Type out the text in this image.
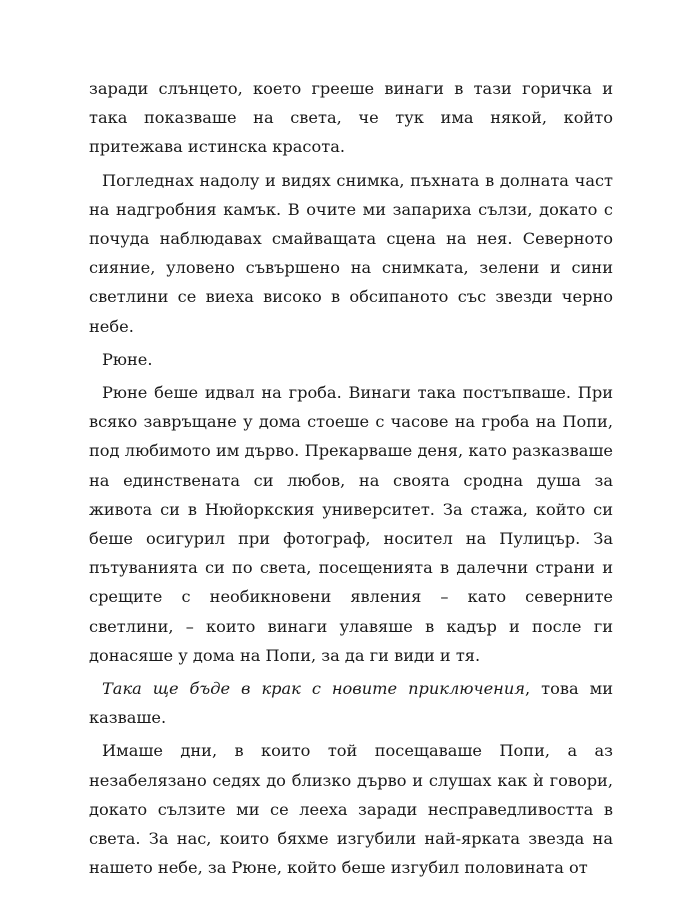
заради слънцето, което грееше винаги в тази горичка и така показваше на света, че тук има някой, който притежава истинска красота.

Погледнах надолу и видях снимка, пъхната в долната част на надгробния камък. В очите ми запариха сълзи, докато с почуда наблюдавах смайващата сцена на нея. Северното сияние, уловено съвършено на снимката, зелени и сини светлини се виеха високо в обсипаното със звезди черно небе.

Рюне.

Рюне беше идвал на гроба. Винаги така постъпваше. При всяко завръщане у дома стоеше с часове на гроба на Попи, под любимото им дърво. Прекарваше деня, като разказваше на единствената си любов, на своята сродна душа за живота си в Нюйоркския университет. За стажа, който си беше осигурил при фотограф, носител на Пулицър. За пътуванията си по света, посещенията в далечни страни и срещите с необикновени явления – като северните светлини, – които винаги улавяше в кадър и после ги донасяше у дома на Попи, за да ги види и тя.

Така ще бъде в крак с новите приключения, това ми казваше.

Имаше дни, в които той посещаваше Попи, а аз незабелязано седях до близко дърво и слушах как ѝ говори, докато сълзите ми се лееха заради несправедливостта в света. За нас, които бяхме изгубили най-ярката звезда на нашето небе, за Рюне, който беше изгубил половината от
